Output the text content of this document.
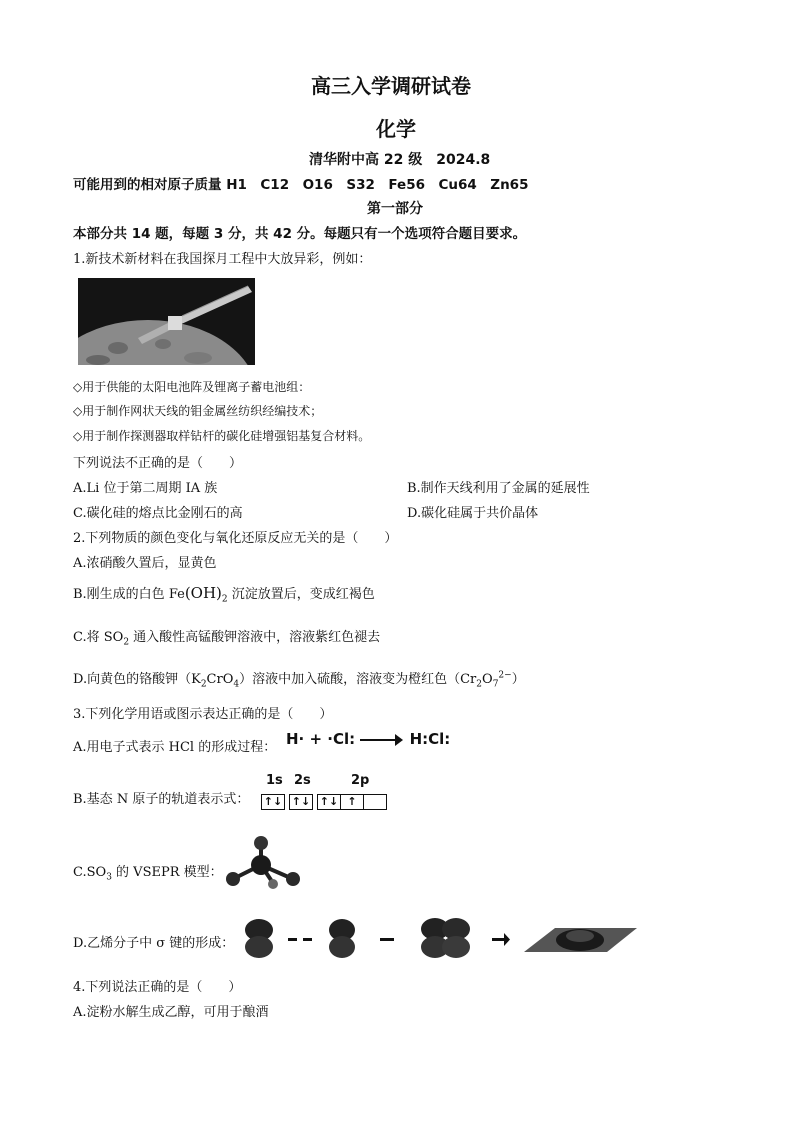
高三入学调研试卷
化学
清华附中高 22 级　2024.8
可能用到的相对原子质量 H1　C12　O16　S32　Fe56　Cu64　Zn65
第一部分
本部分共 14 题，每题 3 分，共 42 分。每题只有一个选项符合题目要求。
1.新技术新材料在我国探月工程中大放异彩，例如：
◇用于供能的太阳电池阵及锂离子蓄电池组：
◇用于制作网状天线的钼金属丝纺织经编技术；
◇用于制作探测器取样钻杆的碳化硅增强铝基复合材料。
下列说法不正确的是（　　）
A.Li 位于第二周期 IA 族	B.制作天线利用了金属的延展性
C.碳化硅的熔点比金刚石的高	D.碳化硅属于共价晶体
2.下列物质的颜色变化与氧化还原反应无关的是（　　）
A.浓硝酸久置后，显黄色
B.刚生成的白色 $Fe(OH)_2$ 沉淀放置后，变成红褐色
C.将 $SO_2$ 通入酸性高锰酸钾溶液中，溶液紫红色褪去
D.向黄色的铬酸钾$(K_2CrO_4)$溶液中加入硫酸，溶液变为橙红色$(Cr_2O_7^{2-})$
3.下列化学用语或图示表达正确的是（　　）
A.用电子式表示 HCl 的形成过程： H· + ·Cl:	H:Cl:
B.基态 N 原子的轨道表示式：
1s 2s	2p
↑↓ ↑↓ ↑↓ ↑
$C.SO_3$ 的 VSEPR 模型：
D.乙烯分子中 σ 键的形成：
4.下列说法正确的是（　　）
A.淀粉水解生成乙醇，可用于酿酒
